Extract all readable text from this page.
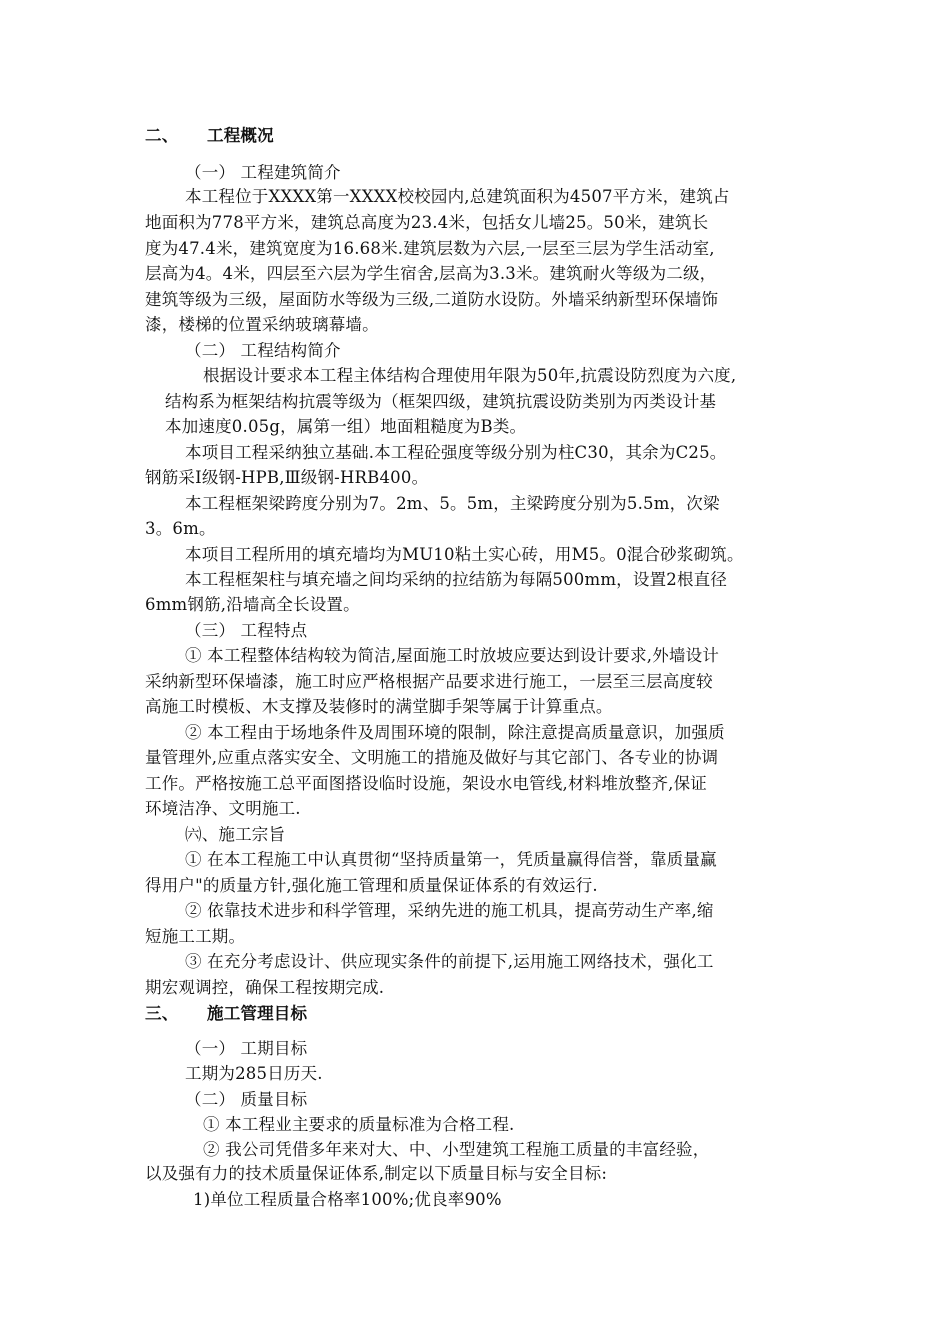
二、 工程概况
（一） 工程建筑简介
本工程位于XXXX第一XXXX校校园内,总建筑面积为4507平方米，建筑占
地面积为778平方米，建筑总高度为23.4米，包括女儿墙25。50米，建筑长
度为47.4米，建筑宽度为16.68米.建筑层数为六层,一层至三层为学生活动室,
层高为4。4米，四层至六层为学生宿舍,层高为3.3米。建筑耐火等级为二级，
建筑等级为三级，屋面防水等级为三级,二道防水设防。外墙采纳新型环保墙饰
漆，楼梯的位置采纳玻璃幕墙。
（二） 工程结构简介
根据设计要求本工程主体结构合理使用年限为50年,抗震设防烈度为六度,
结构系为框架结构抗震等级为（框架四级，建筑抗震设防类别为丙类设计基
本加速度0.05g，属第一组）地面粗糙度为B类。
本项目工程采纳独立基础.本工程砼强度等级分别为柱C30，其余为C25。
钢筋采Ⅰ级钢-HPB,Ⅲ级钢-HRB400。
本工程框架梁跨度分别为7。2m、5。5m，主梁跨度分别为5.5m，次梁
3。6m。
本项目工程所用的填充墙均为MU10粘土实心砖，用M5。0混合砂浆砌筑。
本工程框架柱与填充墙之间均采纳的拉结筋为每隔500mm，设置2根直径
6mm钢筋,沿墙高全长设置。
（三） 工程特点
① 本工程整体结构较为简洁,屋面施工时放坡应要达到设计要求,外墙设计
采纳新型环保墙漆，施工时应严格根据产品要求进行施工，一层至三层高度较
高施工时模板、木支撑及装修时的满堂脚手架等属于计算重点。
② 本工程由于场地条件及周围环境的限制，除注意提高质量意识，加强质
量管理外,应重点落实安全、文明施工的措施及做好与其它部门、各专业的协调
工作。严格按施工总平面图搭设临时设施，架设水电管线,材料堆放整齐,保证
环境洁净、文明施工.
㈥、施工宗旨
① 在本工程施工中认真贯彻“坚持质量第一，凭质量赢得信誉，靠质量赢
得用户"的质量方针,强化施工管理和质量保证体系的有效运行.
② 依靠技术进步和科学管理，采纳先进的施工机具，提高劳动生产率,缩
短施工工期。
③ 在充分考虑设计、供应现实条件的前提下,运用施工网络技术，强化工
期宏观调控，确保工程按期完成.
三、 施工管理目标
（一） 工期目标
工期为285日历天.
（二） 质量目标
① 本工程业主要求的质量标准为合格工程.
② 我公司凭借多年来对大、中、小型建筑工程施工质量的丰富经验，
以及强有力的技术质量保证体系,制定以下质量目标与安全目标:
1)单位工程质量合格率100%;优良率90%
